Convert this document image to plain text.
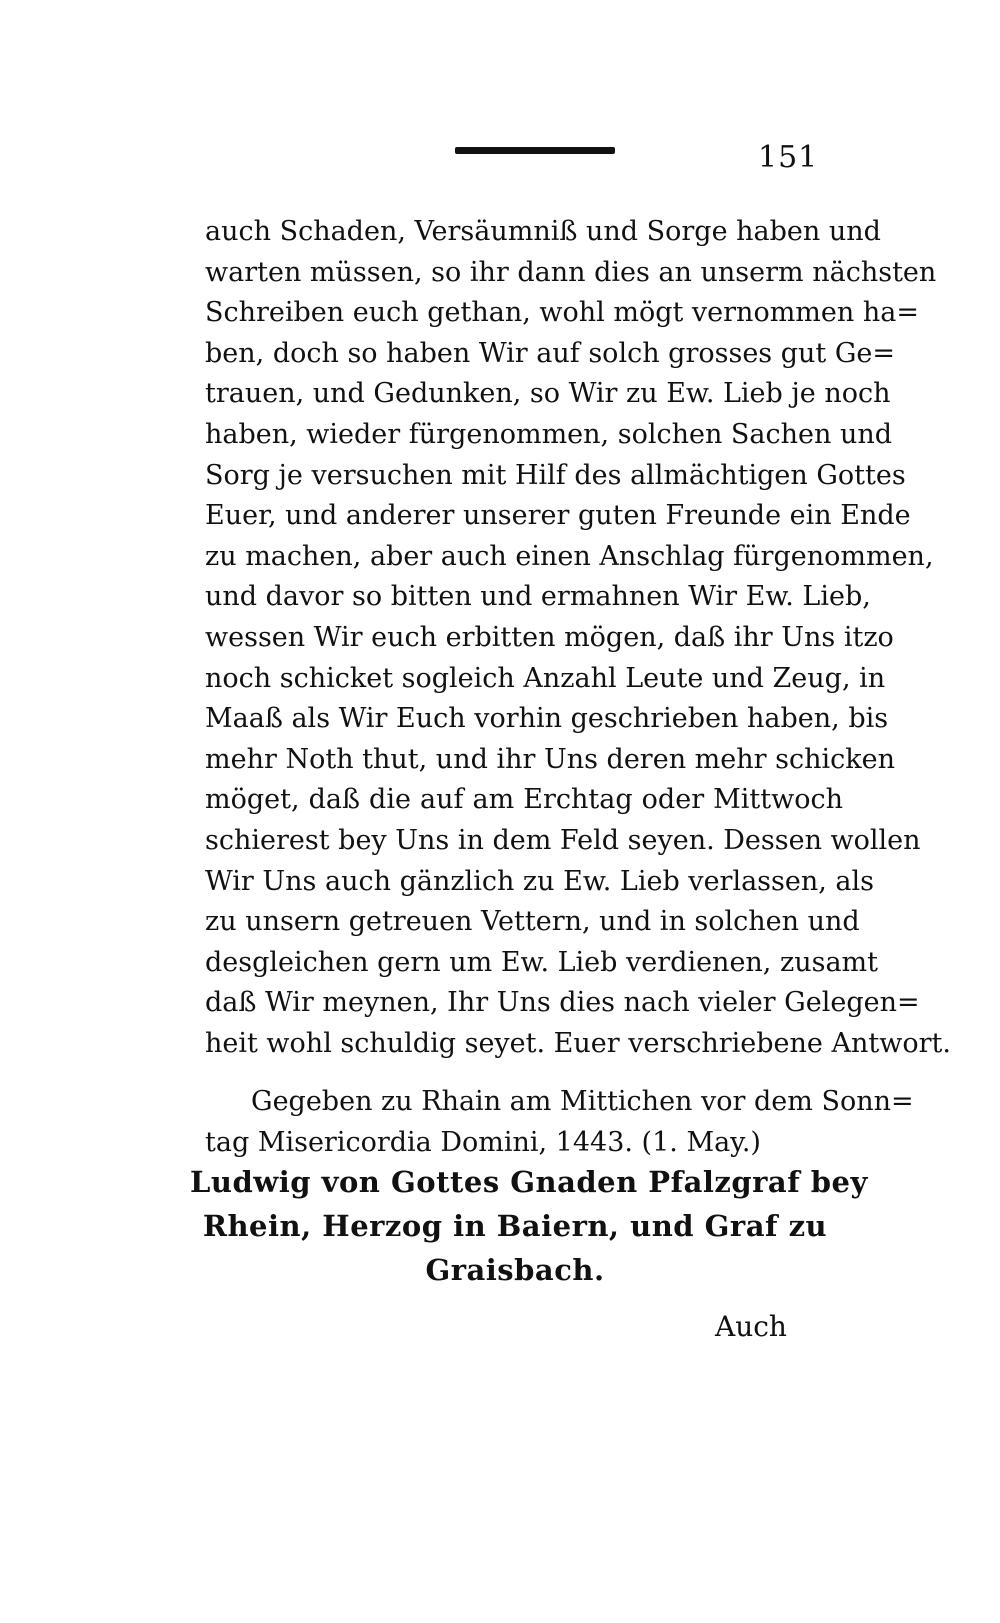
151
auch Schaden, Versäumniß und Sorge haben und
warten müssen, so ihr dann dies an unserm nächsten
Schreiben euch gethan, wohl mögt vernommen ha=
ben, doch so haben Wir auf solch grosses gut Ge=
trauen, und Gedunken, so Wir zu Ew. Lieb je noch
haben, wieder fürgenommen, solchen Sachen und
Sorg je versuchen mit Hilf des allmächtigen Gottes
Euer, und anderer unserer guten Freunde ein Ende
zu machen, aber auch einen Anschlag fürgenommen,
und davor so bitten und ermahnen Wir Ew. Lieb,
wessen Wir euch erbitten mögen, daß ihr Uns itzo
noch schicket sogleich Anzahl Leute und Zeug, in
Maaß als Wir Euch vorhin geschrieben haben, bis
mehr Noth thut, und ihr Uns deren mehr schicken
möget, daß die auf am Erchtag oder Mittwoch
schierest bey Uns in dem Feld seyen. Dessen wollen
Wir Uns auch gänzlich zu Ew. Lieb verlassen, als
zu unsern getreuen Vettern, und in solchen und
desgleichen gern um Ew. Lieb verdienen, zusamt
daß Wir meynen, Ihr Uns dies nach vieler Gelegen=
heit wohl schuldig seyet. Euer verschriebene Antwort.
Gegeben zu Rhain am Mittichen vor dem Sonn=
tag Misericordia Domini, 1443. (1. May.)
Ludwig von Gottes Gnaden Pfalzgraf bey
Rhein, Herzog in Baiern, und Graf zu
Graisbach.
Auch
